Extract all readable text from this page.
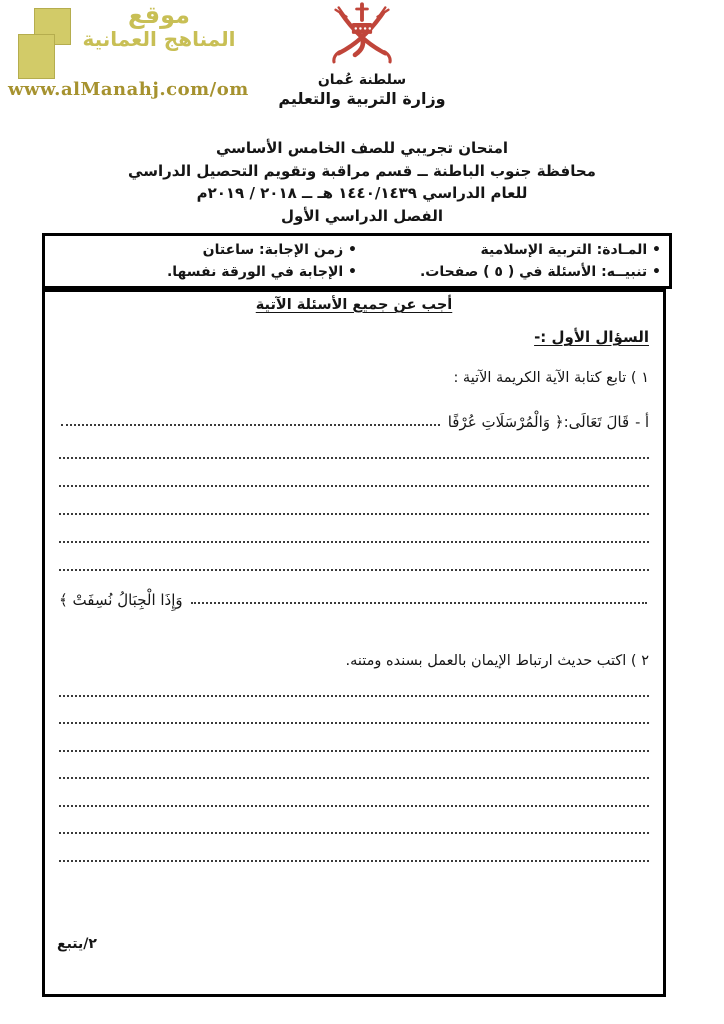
موقع
المناهج العمانية
www.alManahj.com/om	سلطنة عُمان
وزارة التربية والتعليم
امتحان تجريبي للصف الخامس الأساسي
محافظة جنوب الباطنة ــ قسم مراقبة وتقويم التحصيل الدراسي
للعام الدراسي ١٤٤٠/١٤٣٩ هـ ــ ٢٠١٨ / ٢٠١٩م
الفصل الدراسي الأول
• المـادة: التربية الإسلامية
• تنبيــه: الأسئلة في ( ٥ ) صفحات.
• زمن الإجابة: ساعتان
• الإجابة في الورقة نفسها.
أجب عن جميع الأسئلة الآتية
السؤال الأول :-
١ ) تابع كتابة الآية الكريمة الآتية :
أ -
قَالَ تَعَالَى:﴿ وَالْمُرْسَلَاتِ عُرْفًا
وَإِذَا الْجِبَالُ نُسِفَتْ ﴾
٢ ) اكتب حديث ارتباط الإيمان بالعمل بسنده ومتنه.
٢/يتبع
